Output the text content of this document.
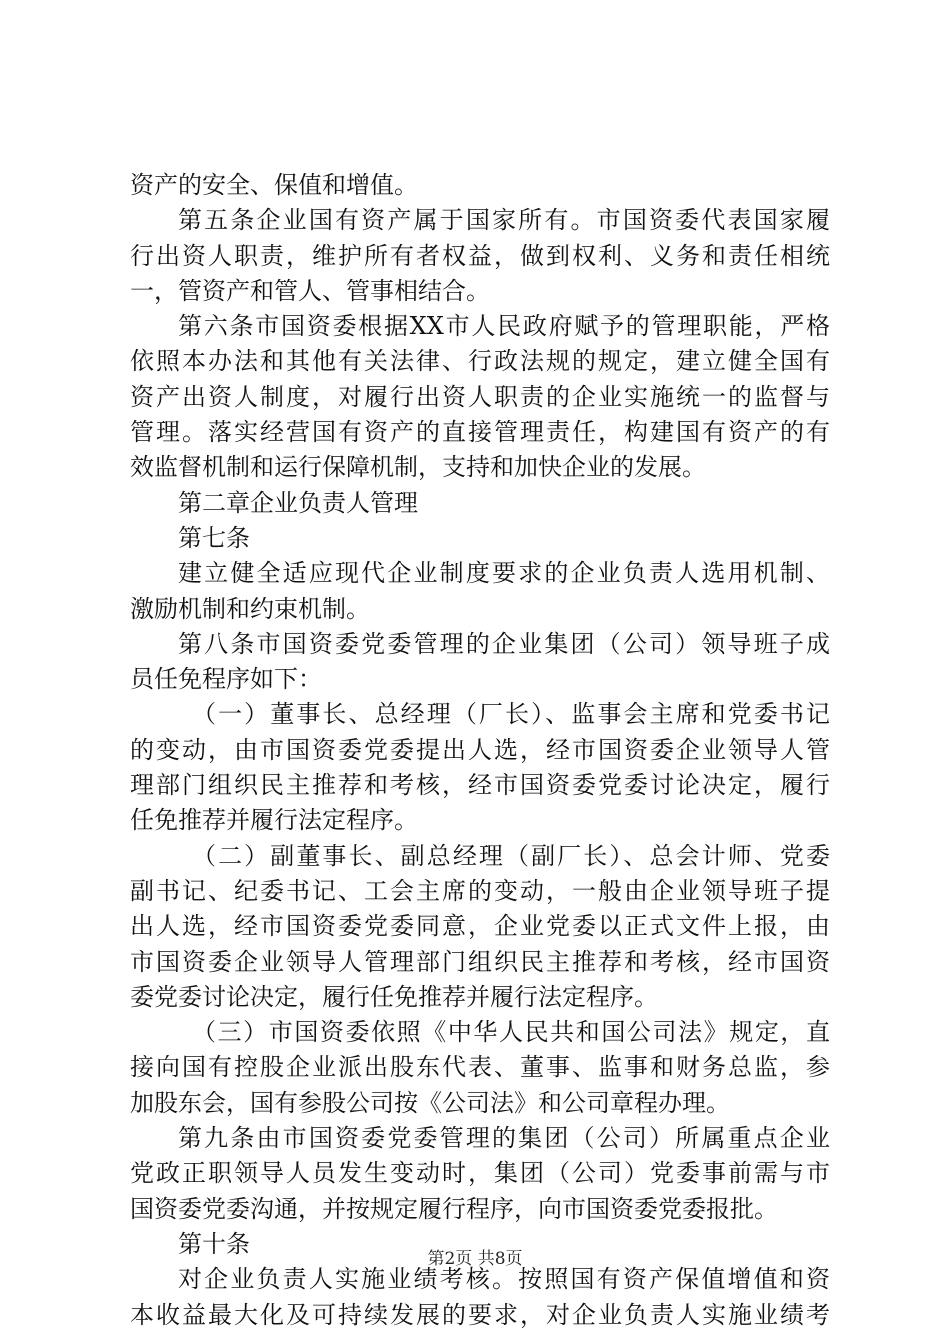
资产的安全、保值和增值。
第五条企业国有资产属于国家所有。市国资委代表国家履
行出资人职责，维护所有者权益，做到权利、义务和责任相统
一，管资产和管人、管事相结合。
第六条市国资委根据XX市人民政府赋予的管理职能，严格
依照本办法和其他有关法律、行政法规的规定，建立健全国有
资产出资人制度，对履行出资人职责的企业实施统一的监督与
管理。落实经营国有资产的直接管理责任，构建国有资产的有
效监督机制和运行保障机制，支持和加快企业的发展。
第二章企业负责人管理
第七条
建立健全适应现代企业制度要求的企业负责人选用机制、
激励机制和约束机制。
第八条市国资委党委管理的企业集团（公司）领导班子成
员任免程序如下：
（一）董事长、总经理（厂长）、监事会主席和党委书记
的变动，由市国资委党委提出人选，经市国资委企业领导人管
理部门组织民主推荐和考核，经市国资委党委讨论决定，履行
任免推荐并履行法定程序。
（二）副董事长、副总经理（副厂长）、总会计师、党委
副书记、纪委书记、工会主席的变动，一般由企业领导班子提
出人选，经市国资委党委同意，企业党委以正式文件上报，由
市国资委企业领导人管理部门组织民主推荐和考核，经市国资
委党委讨论决定，履行任免推荐并履行法定程序。
（三）市国资委依照《中华人民共和国公司法》规定，直
接向国有控股企业派出股东代表、董事、监事和财务总监，参
加股东会，国有参股公司按《公司法》和公司章程办理。
第九条由市国资委党委管理的集团（公司）所属重点企业
党政正职领导人员发生变动时，集团（公司）党委事前需与市
国资委党委沟通，并按规定履行程序，向市国资委党委报批。
第十条
对企业负责人实施业绩考核。按照国有资产保值增值和资
本收益最大化及可持续发展的要求，对企业负责人实施业绩考
第2页 共8页
